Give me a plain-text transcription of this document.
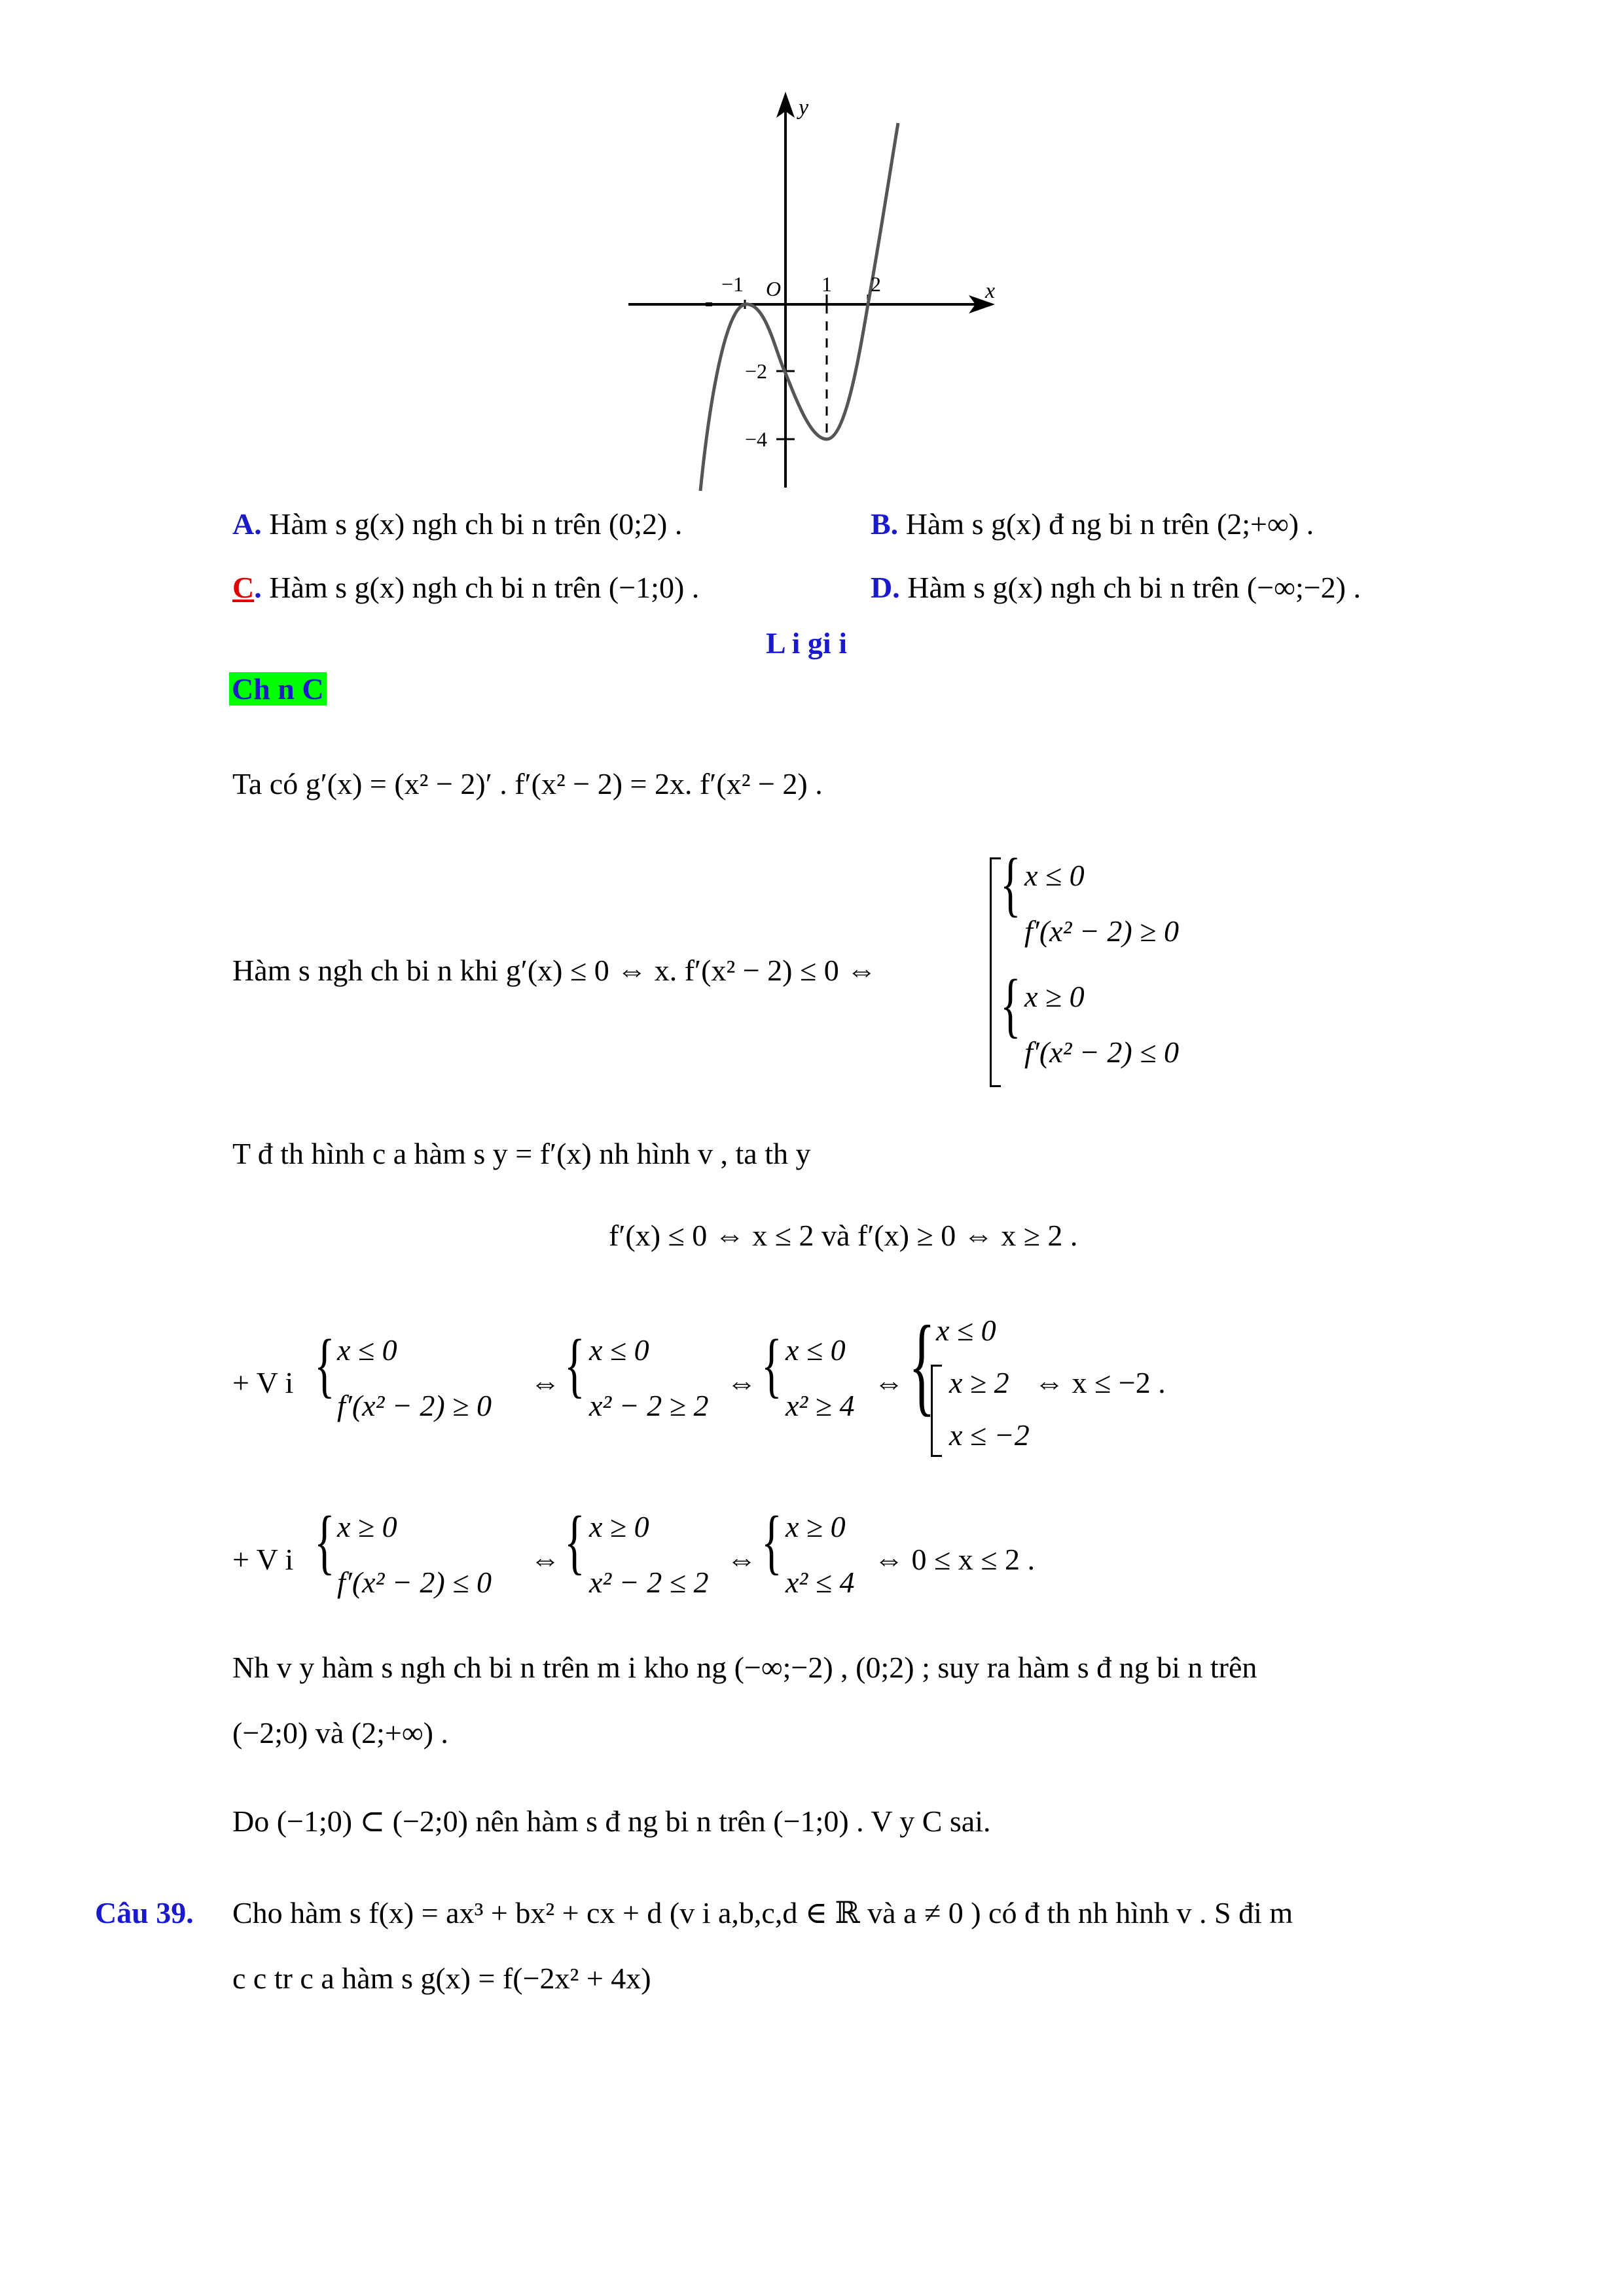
y
x
O
−1	1 2
−2
−4
A. Hàm s g(x) ngh ch bi n trên (0;2) .	B. Hàm s g(x) đ ng bi n trên (2;+∞) .
C. Hàm s g(x) ngh ch bi n trên (−1;0) .	D. Hàm s g(x) ngh ch bi n trên (−∞;−2) .
L i gi i
Ch n C
Ta có g′(x) = (x² − 2)′ . f′(x² − 2) = 2x. f′(x² − 2) .
Hàm s ngh ch bi n khi g′(x) ≤ 0 ⇔ x. f′(x² − 2) ≤ 0 ⇔
{
{
x ≤ 0
f′(x² − 2) ≥ 0
x ≥ 0
f′(x² − 2) ≤ 0
T đ th hình c a hàm s y = f′(x) nh hình v , ta th y
f′(x) ≤ 0 ⇔ x ≤ 2 và f′(x) ≥ 0 ⇔ x ≥ 2 .
+ V i { x ≤ 0
f′(x² − 2) ≥ 0
⇔ { x ≤ 0
x² − 2 ≥ 2
⇔ { x ≤ 0
x² ≥ 4
⇔ { x ≤ 0
x ≥ 2
x ≤ −2
⇔ x ≤ −2 .
+ V i { x ≥ 0
f′(x² − 2) ≤ 0
⇔ { x ≥ 0
x² − 2 ≤ 2
⇔ { x ≥ 0
x² ≤ 4
⇔ 0 ≤ x ≤ 2 .
Nh v y hàm s ngh ch bi n trên m i kho ng (−∞;−2) , (0;2) ; suy ra hàm s đ ng bi n trên
(−2;0) và (2;+∞) .
Do (−1;0) ⊂ (−2;0) nên hàm s đ ng bi n trên (−1;0) . V y C sai.
Câu 39. Cho hàm s f(x) = ax³ + bx² + cx + d (v i a,b,c,d ∈ ℝ và a ≠ 0 ) có đ th nh hình v . S đi m
c c tr c a hàm s g(x) = f(−2x² + 4x)
